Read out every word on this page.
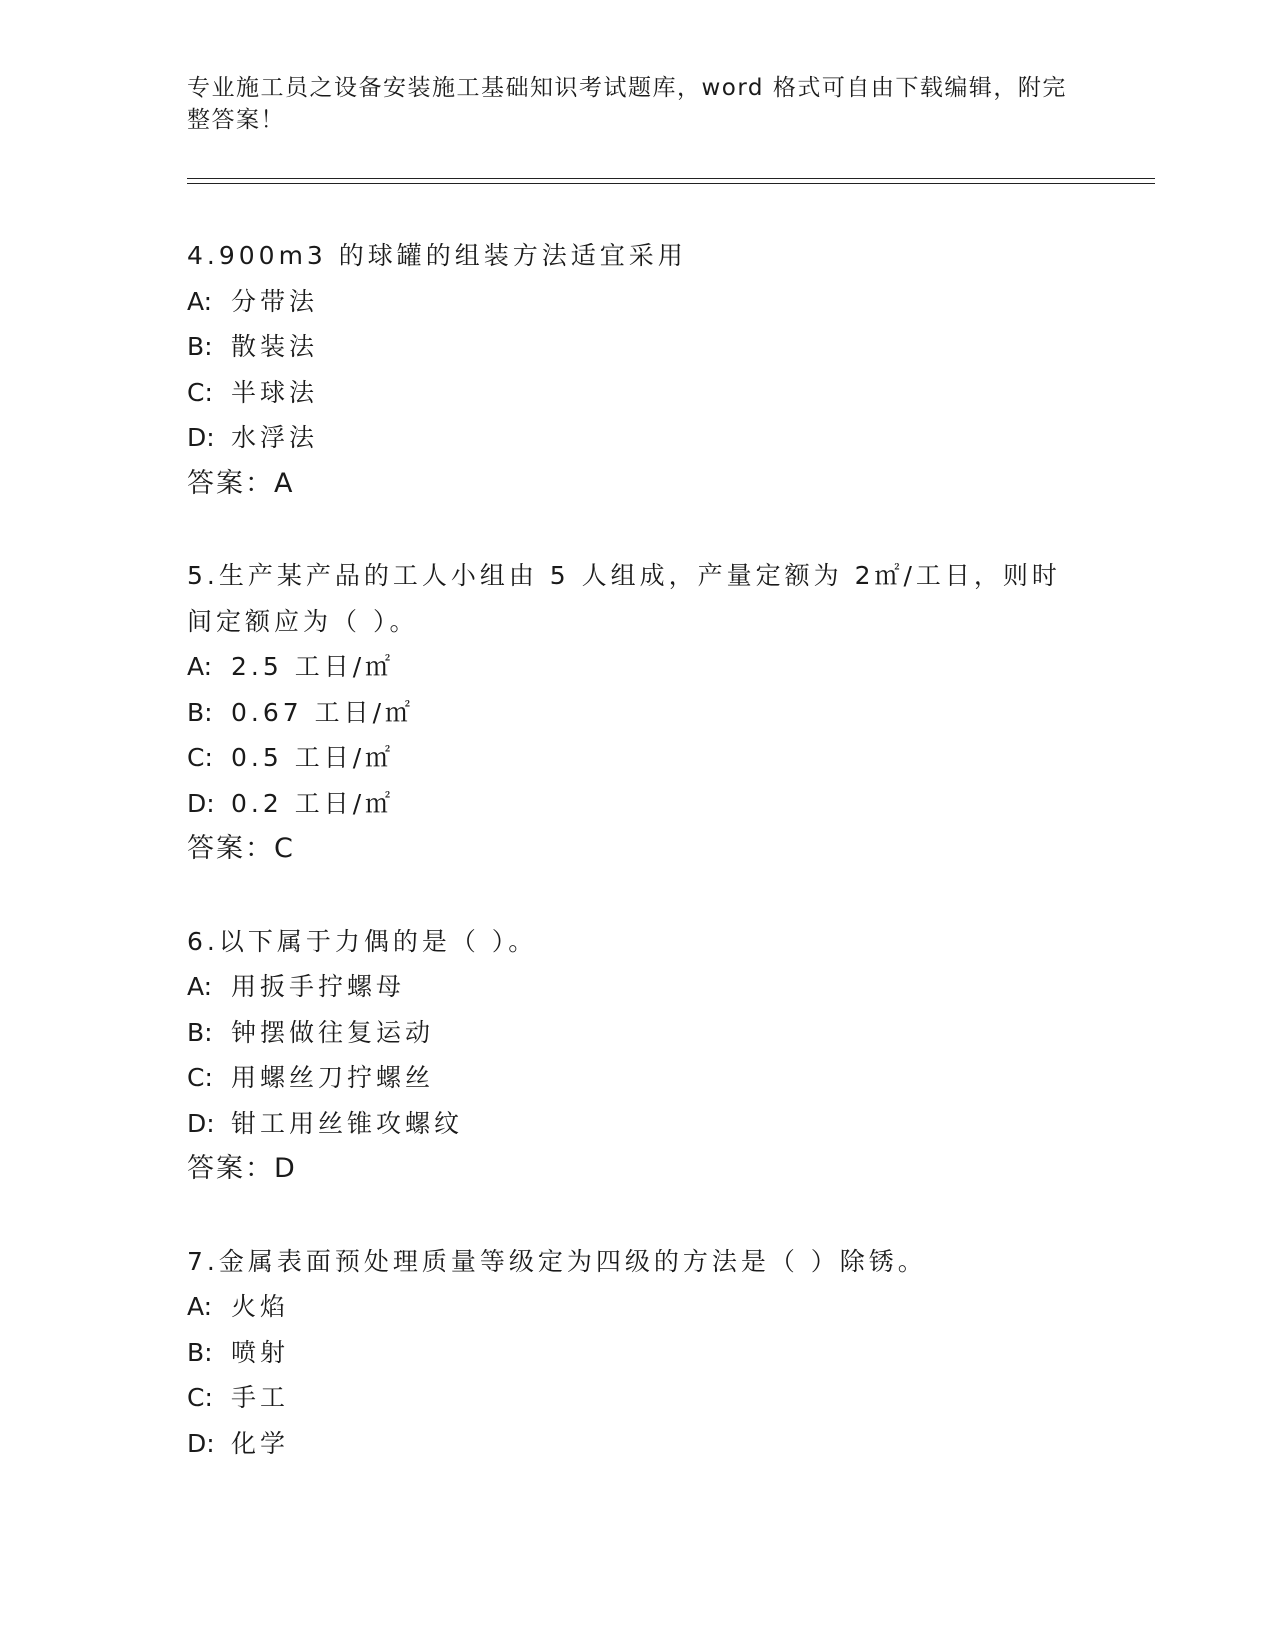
专业施工员之设备安装施工基础知识考试题库，word 格式可自由下载编辑，附完整答案！
4.900m3 的球罐的组装方法适宜采用
A: 分带法
B: 散装法
C: 半球法
D: 水浮法
答案：A
5.生产某产品的工人小组由 5 人组成，产量定额为 2㎡/工日，则时间定额应为（ ）。
A: 2.5 工日/㎡
B: 0.67 工日/㎡
C: 0.5 工日/㎡
D: 0.2 工日/㎡
答案：C
6.以下属于力偶的是（ ）。
A: 用扳手拧螺母
B: 钟摆做往复运动
C: 用螺丝刀拧螺丝
D: 钳工用丝锥攻螺纹
答案：D
7.金属表面预处理质量等级定为四级的方法是（ ）除锈。
A: 火焰
B: 喷射
C: 手工
D: 化学
